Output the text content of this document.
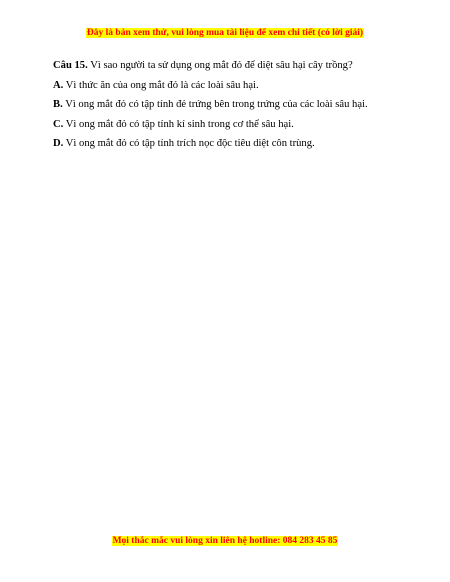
Đây là bản xem thử, vui lòng mua tài liệu để xem chi tiết (có lời giải)
Câu 15. Vì sao người ta sử dụng ong mắt đỏ để diệt sâu hại cây trồng?
A. Vì thức ăn của ong mắt đỏ là các loài sâu hại.
B. Vì ong mắt đỏ có tập tính đẻ trứng bên trong trứng của các loài sâu hại.
C. Vì ong mắt đỏ có tập tính kí sinh trong cơ thể sâu hại.
D. Vì ong mắt đỏ có tập tính trích nọc độc tiêu diệt côn trùng.
Mọi thắc mắc vui lòng xin liên hệ hotline: 084 283 45 85
